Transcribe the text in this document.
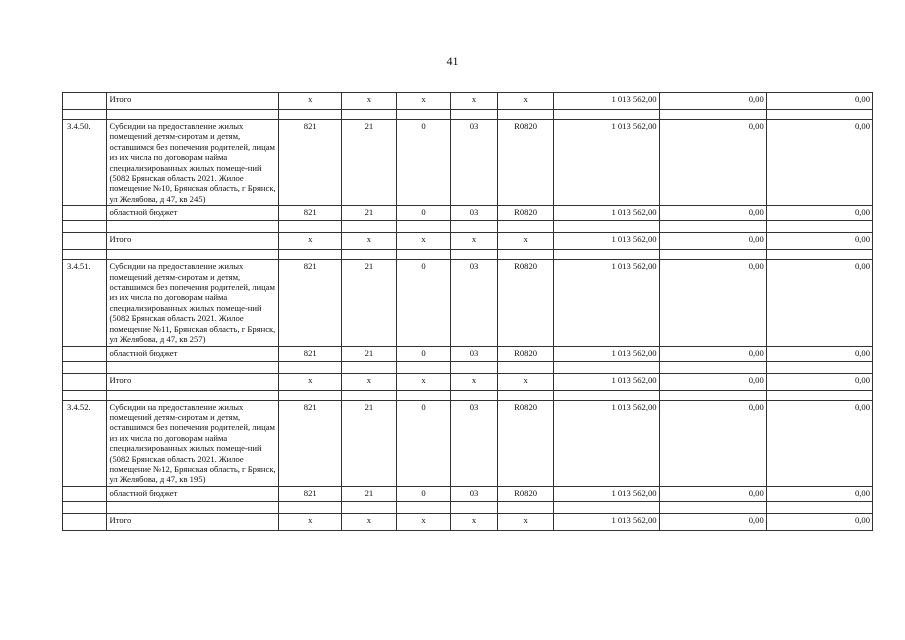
41
	Итого	х	х	х	х	х	1 013 562,00	0,00	0,00

3.4.50.	Субсидии на предоставление жилых помещений детям-сиротам и детям, оставшимся без попечения родителей, лицам из их числа по договорам найма специализированных жилых помеще-ний (5082 Брянская область 2021. Жилое помещение №10, Брянская область, г Брянск, ул Желябова, д 47, кв 245)	821	21	0	03	R0820	1 013 562,00	0,00	0,00
	областной бюджет	821	21	0	03	R0820	1 013 562,00	0,00	0,00

	Итого	х	х	х	х	х	1 013 562,00	0,00	0,00

3.4.51.	Субсидии на предоставление жилых помещений детям-сиротам и детям, оставшимся без попечения родителей, лицам из их числа по договорам найма специализированных жилых помеще-ний (5082 Брянская область 2021. Жилое помещение №11, Брянская область, г Брянск, ул Желябова, д 47, кв 257)	821	21	0	03	R0820	1 013 562,00	0,00	0,00
	областной бюджет	821	21	0	03	R0820	1 013 562,00	0,00	0,00

	Итого	х	х	х	х	х	1 013 562,00	0,00	0,00

3.4.52.	Субсидии на предоставление жилых помещений детям-сиротам и детям, оставшимся без попечения родителей, лицам из их числа по договорам найма специализированных жилых помеще-ний (5082 Брянская область 2021. Жилое помещение №12, Брянская область, г Брянск, ул Желябова, д 47, кв 195)	821	21	0	03	R0820	1 013 562,00	0,00	0,00
	областной бюджет	821	21	0	03	R0820	1 013 562,00	0,00	0,00

	Итого	х	х	х	х	х	1 013 562,00	0,00	0,00
